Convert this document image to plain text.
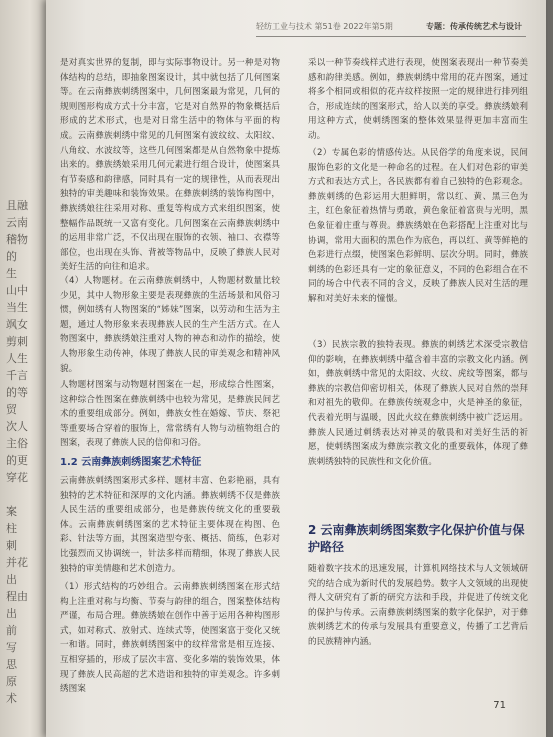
且融
云南
稽物
的
生
山中
当生
飒女
剪刺
人生
千言
的等
贸
次人
主俗
的更
穿花
案
柱
刺
并花
出
程由
出
前
写
思
原
术
轻纺工业与技术 第51卷 2022年第5期	专题：传承传统艺术与设计

是对真实世界的复制，即与实际事物设计。另一种是对物体结构的总结，即抽象图案设计，其中就包括了几何图案等。在云南彝族刺绣图案中，几何图案最为常见，几何的规则图形构成方式十分丰富，它是对自然界的物象概括后形成的艺术形式，也是对日常生活中的物体与平面的构成。云南彝族刺绣中常见的几何图案有波纹纹、太阳纹、八角纹、水波纹等，这些几何图案都是从自然物象中提炼出来的。彝族绣娘采用几何元素进行组合设计，使图案具有节奏感和韵律感，同时具有一定的规律性，从而表现出独特的审美趣味和装饰效果。在彝族刺绣的装饰构图中，彝族绣娘往往采用对称、重复等构成方式来组织图案，使整幅作品既统一又富有变化。几何图案在云南彝族刺绣中的运用非常广泛，不仅出现在服饰的衣领、袖口、衣襟等部位，也出现在头饰、背被等物品中，反映了彝族人民对美好生活的向往和追求。

（4）人物题材。在云南彝族刺绣中，人物题材数量比较少见，其中人物形象主要是表现彝族的生活场景和风俗习惯，例如绣有人物图案的“姊妹”图案，以劳动和生活为主题，通过人物形象来表现彝族人民的生产生活方式。在人物图案中，彝族绣娘注重对人物的神态和动作的描绘，使人物形象生动传神，体现了彝族人民的审美观念和精神风貌。

人物题材图案与动物题材图案在一起，形成综合性图案，这种综合性图案在彝族刺绣中也较为常见，是彝族民间艺术的重要组成部分。例如，彝族女性在婚嫁、节庆、祭祀等重要场合穿着的服饰上，常常绣有人物与动植物组合的图案，表现了彝族人民的信仰和习俗。

1.2 云南彝族刺绣图案艺术特征

云南彝族刺绣图案形式多样、题材丰富、色彩艳丽，具有独特的艺术特征和深厚的文化内涵。彝族刺绣不仅是彝族人民生活的重要组成部分，也是彝族传统文化的重要载体。云南彝族刺绣图案的艺术特征主要体现在构图、色彩、针法等方面，其图案造型夸张、概括、简练，色彩对比强烈而又协调统一，针法多样而精细，体现了彝族人民独特的审美情趣和艺术创造力。

（1）形式结构的巧妙组合。云南彝族刺绣图案在形式结构上注重对称与均衡、节奏与韵律的组合，图案整体结构严谨，布局合理。彝族绣娘在创作中善于运用各种构图形式，如对称式、放射式、连续式等，使图案富于变化又统一和谐。同时，彝族刺绣图案中的纹样常常是相互连接、互相穿插的，形成了层次丰富、变化多端的装饰效果，体现了彝族人民高超的艺术造诣和独特的审美观念。许多刺绣图案

采以一种节奏线样式进行表现，使图案表现出一种节奏美感和韵律美感。例如，彝族刺绣中常用的花卉图案，通过将多个相同或相似的花卉纹样按照一定的规律进行排列组合，形成连续的图案形式，给人以美的享受。彝族绣娘利用这种方式，使刺绣图案的整体效果显得更加丰富而生动。

（2）专属色彩的情感传达。从民俗学的角度来说，民间服饰色彩的文化是一种命名的过程。在人们对色彩的审美方式和表达方式上，各民族都有着自己独特的色彩观念。彝族刺绣的色彩运用大胆鲜明，常以红、黄、黑三色为主，红色象征着热情与勇敢，黄色象征着富贵与光明，黑色象征着庄重与尊贵。彝族绣娘在色彩搭配上注重对比与协调，常用大面积的黑色作为底色，再以红、黄等鲜艳的色彩进行点缀，使图案色彩鲜明、层次分明。同时，彝族刺绣的色彩还具有一定的象征意义，不同的色彩组合在不同的场合中代表不同的含义，反映了彝族人民对生活的理解和对美好未来的憧憬。

（3）民族宗教的独特表现。彝族的刺绣艺术深受宗教信仰的影响，在彝族刺绣中蕴含着丰富的宗教文化内涵。例如，彝族刺绣中常见的太阳纹、火纹、虎纹等图案，都与彝族的宗教信仰密切相关，体现了彝族人民对自然的崇拜和对祖先的敬仰。在彝族传统观念中，火是神圣的象征，代表着光明与温暖，因此火纹在彝族刺绣中被广泛运用。彝族人民通过刺绣表达对神灵的敬畏和对美好生活的祈愿，使刺绣图案成为彝族宗教文化的重要载体，体现了彝族刺绣独特的民族性和文化价值。

2 云南彝族刺绣图案数字化保护价值与保护路径

随着数字技术的迅速发展，计算机网络技术与人文领域研究的结合成为新时代的发展趋势。数字人文领域的出现使得人文研究有了新的研究方法和手段，并促进了传统文化的保护与传承。云南彝族刺绣图案的数字化保护，对于彝族刺绣艺术的传承与发展具有重要意义，传播了工艺背后的民族精神内涵。

71
